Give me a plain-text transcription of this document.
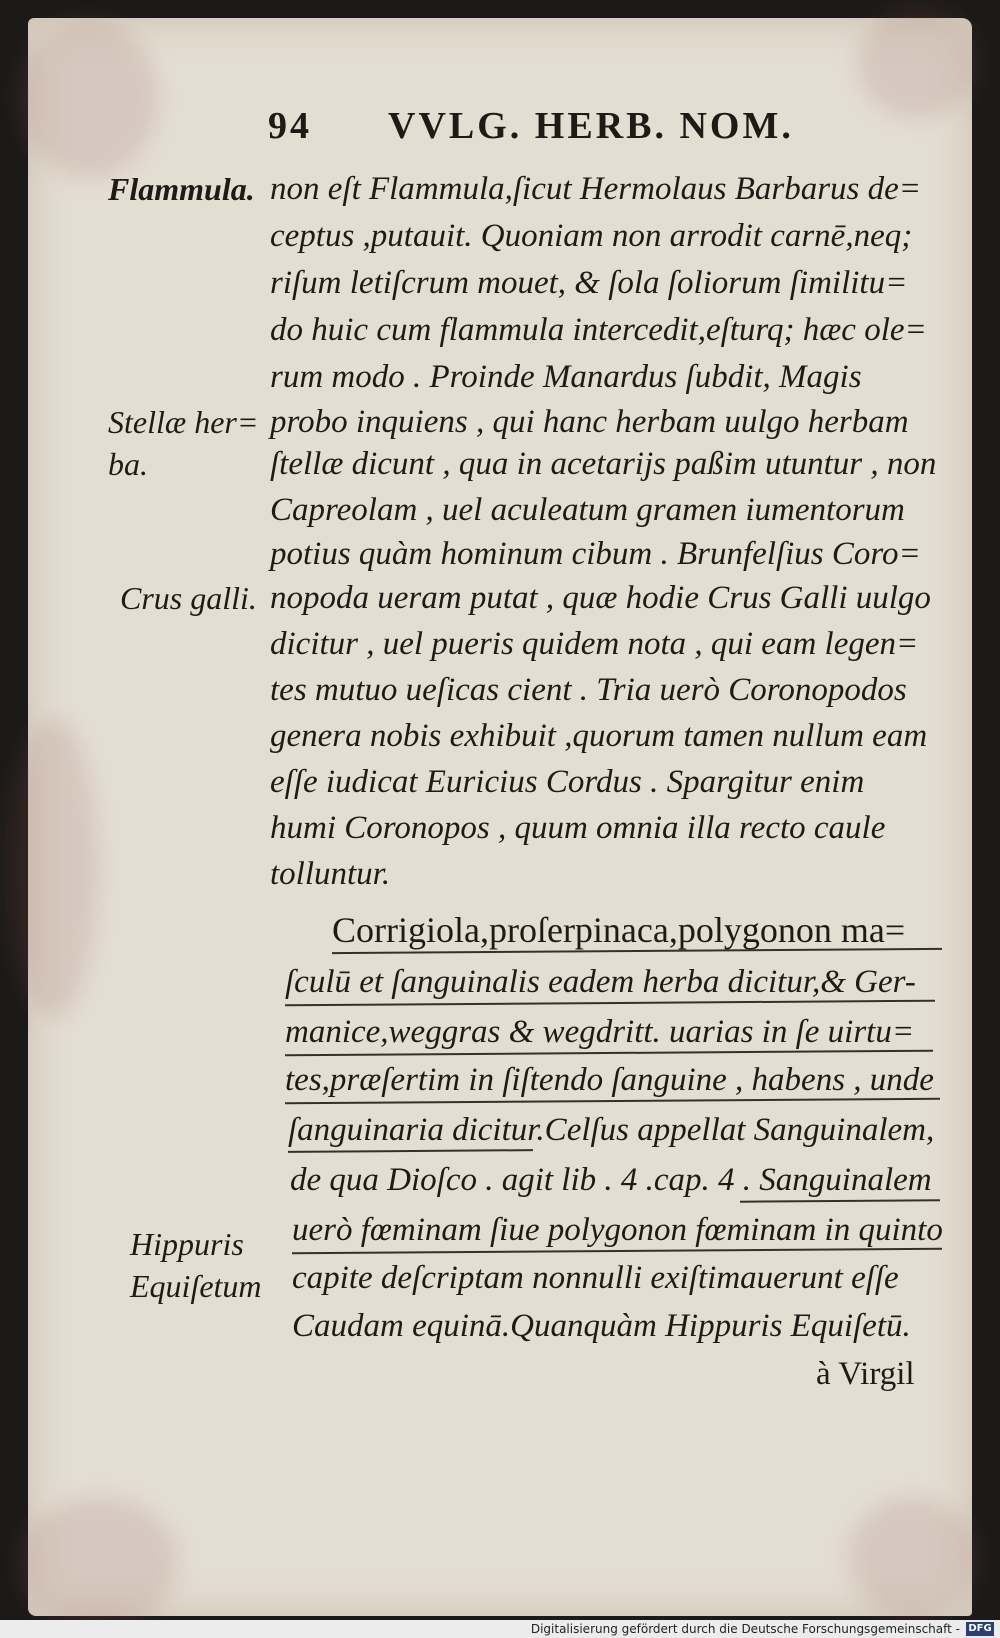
94 VVLG. HERB. NOM.
Flammula.
Stellæ her=
ba.
Crus galli.
Hippuris
Equiſetum
non eſt Flammula,ſicut Hermolaus Barbarus de=
ceptus ,putauit. Quoniam non arrodit carnē,neq;
riſum letiſcrum mouet, & ſola ſoliorum ſimilitu=
do huic cum flammula intercedit,eſturq; hæc ole=
rum modo . Proinde Manardus ſubdit, Magis
probo inquiens , qui hanc herbam uulgo herbam
ſtellæ dicunt , qua in acetarijs paßim utuntur , non
Capreolam , uel aculeatum gramen iumentorum
potius quàm hominum cibum . Brunfelſius Coro=
nopoda ueram putat , quæ hodie Crus Galli uulgo
dicitur , uel pueris quidem nota , qui eam legen=
tes mutuo ueſicas cient . Tria uerò Coronopodos
genera nobis exhibuit ,quorum tamen nullum eam
eſſe iudicat Euricius Cordus . Spargitur enim
humi Coronopos , quum omnia illa recto caule
tolluntur.
Corrigiola,proſerpinaca,polygonon ma=
ſculū et ſanguinalis eadem herba dicitur,& Ger-
manice,weggras & wegdritt. uarias in ſe uirtu=
tes,præſertim in ſiſtendo ſanguine , habens , unde
ſanguinaria dicitur.Celſus appellat Sanguinalem,
de qua Dioſco . agit lib . 4 .cap. 4 . Sanguinalem
uerò fœminam ſiue polygonon fœminam in quinto
capite deſcriptam nonnulli exiſtimauerunt eſſe
Caudam equinā.Quanquàm Hippuris Equiſetū.
à Virgil
Digitalisierung gefördert durch die Deutsche Forschungsgemeinschaft - DFG
